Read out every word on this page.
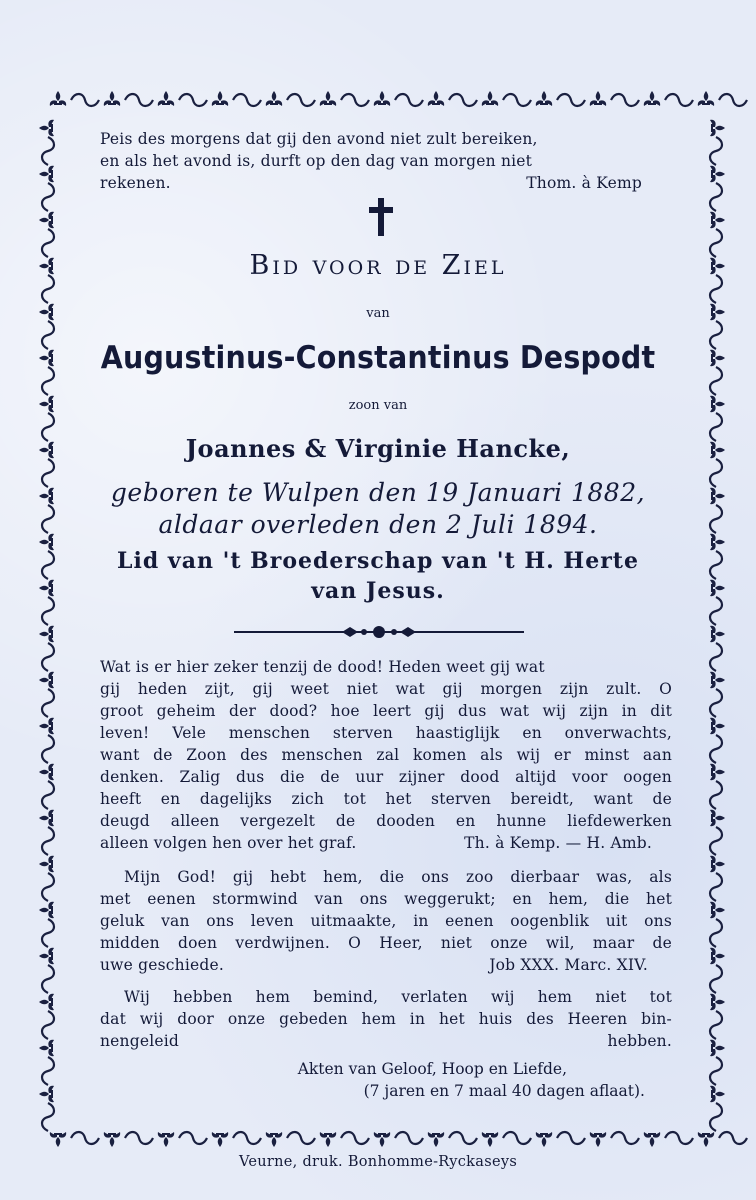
Peis des morgens dat gij den avond niet zult bereiken,
en als het avond is, durft op den dag van morgen niet
rekenen.	Thom. à Kemp
Bid voor de Ziel
van
Augustinus-Constantinus Despodt
zoon van
Joannes & Virginie Hancke,
geboren te Wulpen den 19 Januari 1882,
aldaar overleden den 2 Juli 1894.
Lid van 't Broederschap van 't H. Herte
van Jesus.
Wat is er hier zeker tenzij de dood! Heden weet gij wat
gij heden zijt, gij weet niet wat gij morgen zijn zult. O
groot geheim der dood? hoe leert gij dus wat wij zijn in dit
leven! Vele menschen sterven haastiglijk en onverwachts,
want de Zoon des menschen zal komen als wij er minst aan
denken. Zalig dus die de uur zijner dood altijd voor oogen
heeft en dagelijks zich tot het sterven bereidt, want de
deugd alleen vergezelt de dooden en hunne liefdewerken
alleen volgen hen over het graf.	Th. à Kemp. — H. Amb.
Mijn God! gij hebt hem, die ons zoo dierbaar was, als
met eenen stormwind van ons weggerukt; en hem, die het
geluk van ons leven uitmaakte, in eenen oogenblik uit ons
midden doen verdwijnen. O Heer, niet onze wil, maar de
uwe geschiede.	Job XXX. Marc. XIV.
Wij hebben hem bemind, verlaten wij hem niet tot
dat wij door onze gebeden hem in het huis des Heeren bin-
nengeleid hebben.
Akten van Geloof, Hoop en Liefde,
(7 jaren en 7 maal 40 dagen aflaat).
Veurne, druk. Bonhomme-Ryckaseys
